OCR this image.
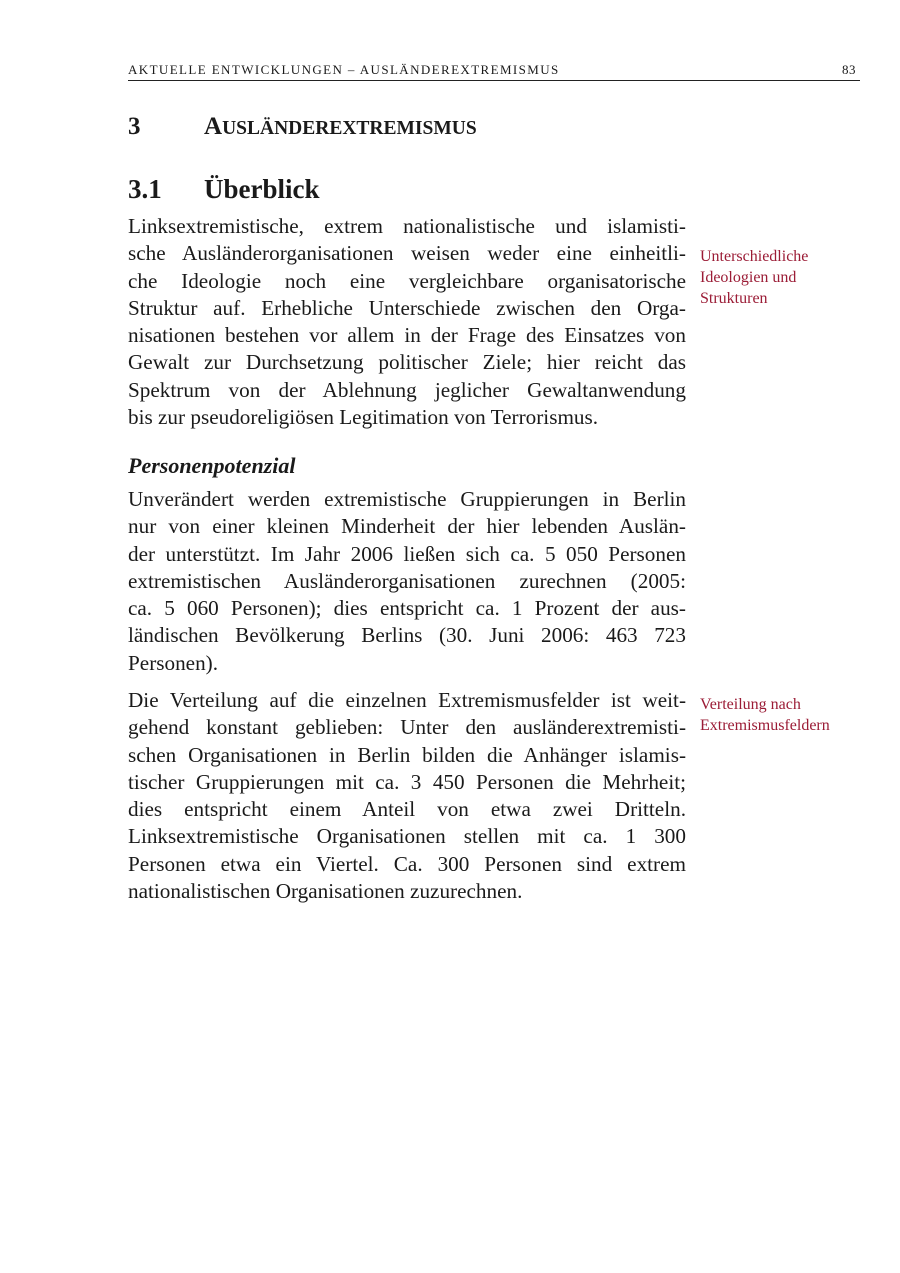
AKTUELLE ENTWICKLUNGEN – AUSLÄNDEREXTREMISMUS	83
3	AUSLÄNDEREXTREMISMUS
3.1 Überblick

Linksextremistische, extrem nationalistische und islamisti-
sche Ausländerorganisationen weisen weder eine einheitli-
che Ideologie noch eine vergleichbare organisatorische
Struktur auf. Erhebliche Unterschiede zwischen den Orga-
nisationen bestehen vor allem in der Frage des Einsatzes von
Gewalt zur Durchsetzung politischer Ziele; hier reicht das
Spektrum von der Ablehnung jeglicher Gewaltanwendung
bis zur pseudoreligiösen Legitimation von Terrorismus.

Unterschiedliche
Ideologien und
Strukturen
Personenpotenzial

Unverändert werden extremistische Gruppierungen in Berlin
nur von einer kleinen Minderheit der hier lebenden Auslän-
der unterstützt. Im Jahr 2006 ließen sich ca. 5 050 Personen
extremistischen Ausländerorganisationen zurechnen (2005:
ca. 5 060 Personen); dies entspricht ca. 1 Prozent der aus-
ländischen Bevölkerung Berlins (30. Juni 2006: 463 723
Personen).

Die Verteilung auf die einzelnen Extremismusfelder ist weit-
gehend konstant geblieben: Unter den ausländerextremisti-
schen Organisationen in Berlin bilden die Anhänger islamis-
tischer Gruppierungen mit ca. 3 450 Personen die Mehrheit;
dies entspricht einem Anteil von etwa zwei Dritteln.
Linksextremistische Organisationen stellen mit ca. 1 300
Personen etwa ein Viertel. Ca. 300 Personen sind extrem
nationalistischen Organisationen zuzurechnen.

Verteilung nach
Extremismusfeldern
